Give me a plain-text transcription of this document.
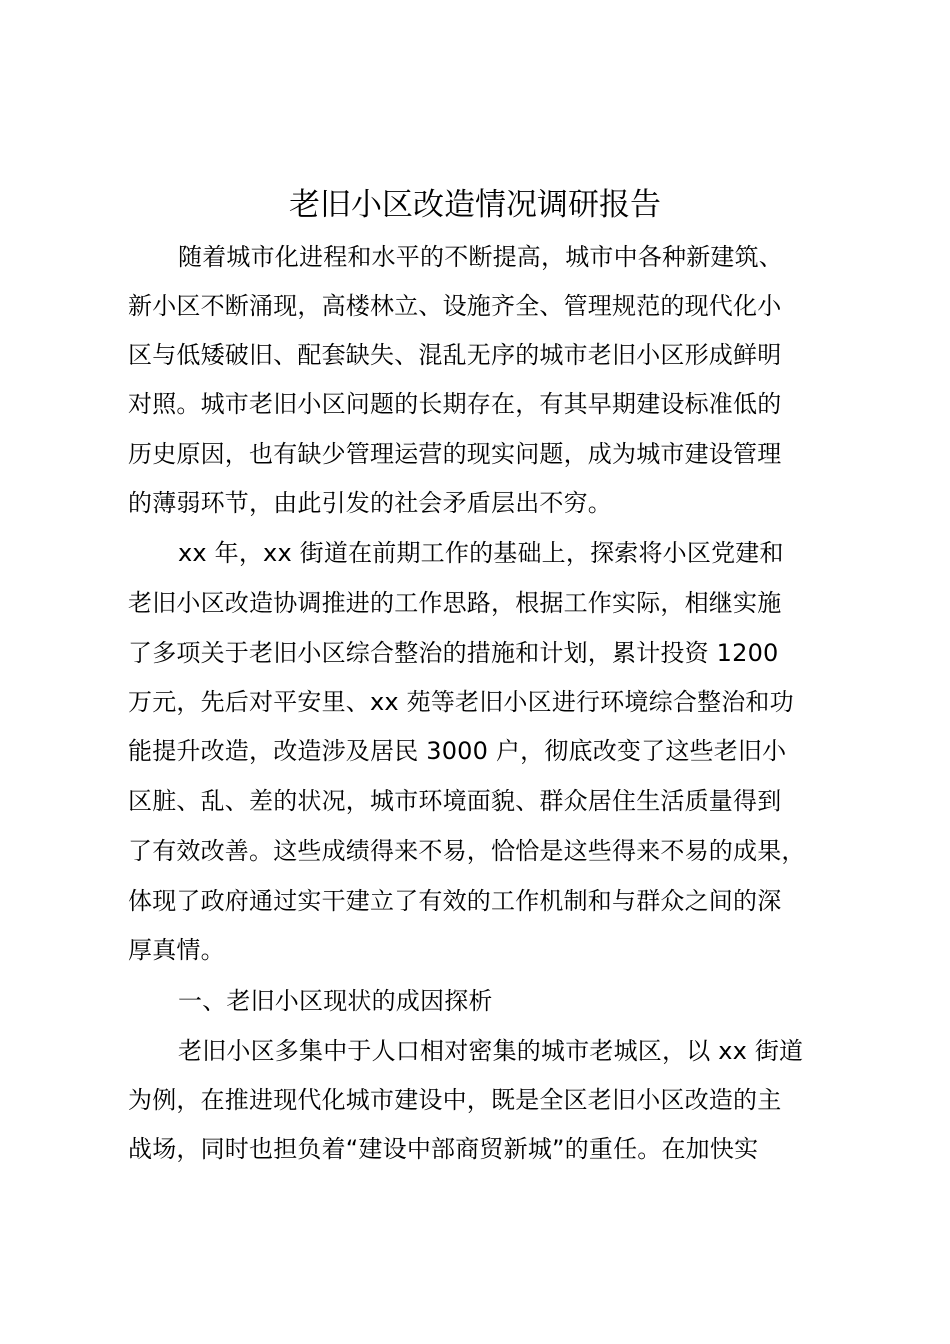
老旧小区改造情况调研报告
随着城市化进程和水平的不断提高，城市中各种新建筑、
新小区不断涌现，高楼林立、设施齐全、管理规范的现代化小
区与低矮破旧、配套缺失、混乱无序的城市老旧小区形成鲜明
对照。城市老旧小区问题的长期存在，有其早期建设标准低的
历史原因，也有缺少管理运营的现实问题，成为城市建设管理
的薄弱环节，由此引发的社会矛盾层出不穷。
xx 年，xx 街道在前期工作的基础上，探索将小区党建和
老旧小区改造协调推进的工作思路，根据工作实际，相继实施
了多项关于老旧小区综合整治的措施和计划，累计投资 1200
万元，先后对平安里、xx 苑等老旧小区进行环境综合整治和功
能提升改造，改造涉及居民 3000 户，彻底改变了这些老旧小
区脏、乱、差的状况，城市环境面貌、群众居住生活质量得到
了有效改善。这些成绩得来不易，恰恰是这些得来不易的成果，
体现了政府通过实干建立了有效的工作机制和与群众之间的深
厚真情。
一、老旧小区现状的成因探析
老旧小区多集中于人口相对密集的城市老城区，以 xx 街道
为例，在推进现代化城市建设中，既是全区老旧小区改造的主
战场，同时也担负着“建设中部商贸新城”的重任。在加快实
